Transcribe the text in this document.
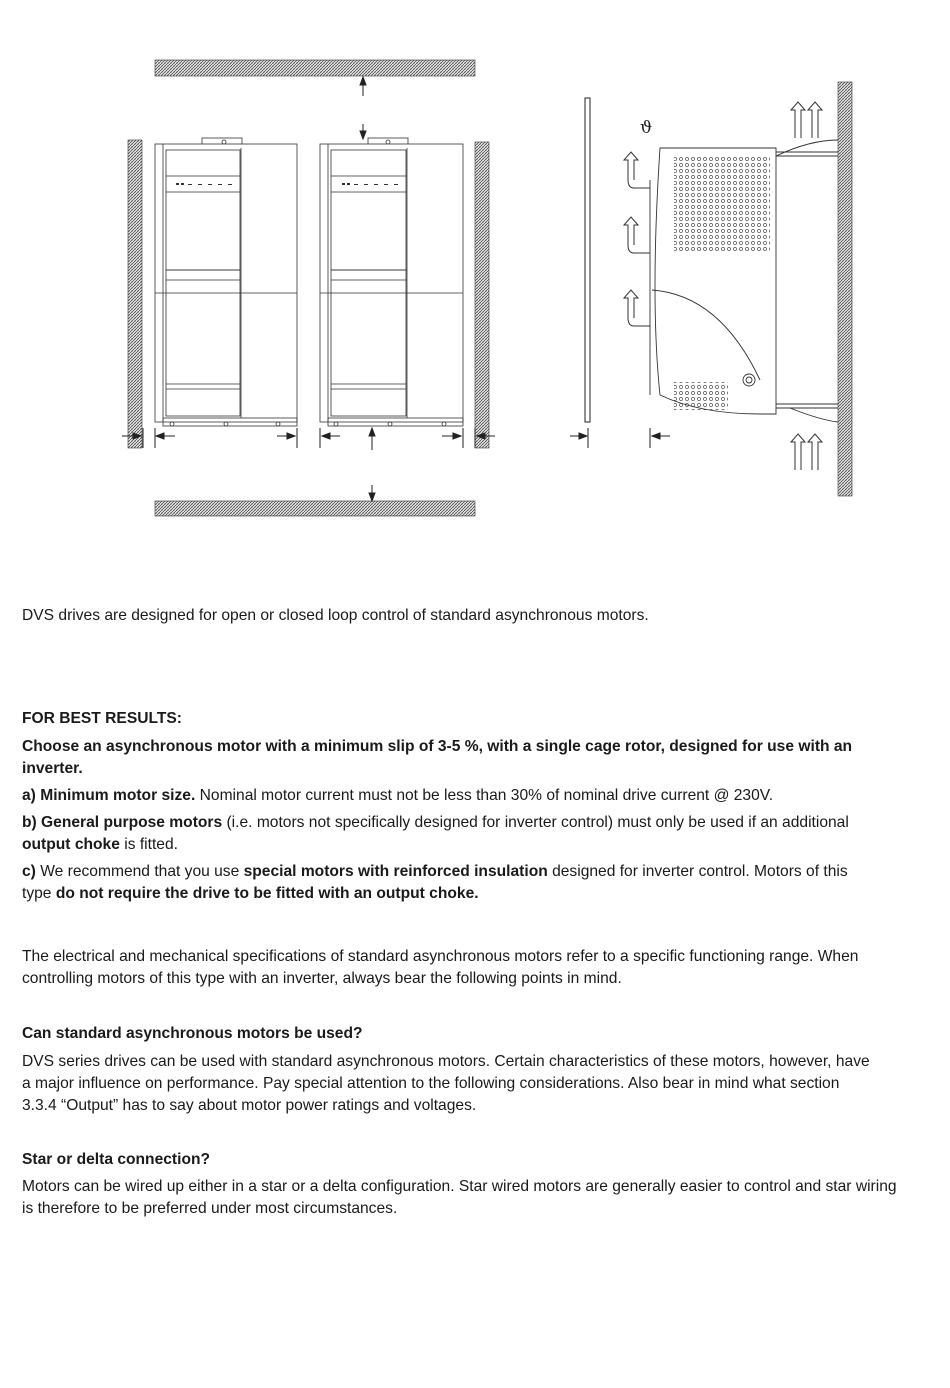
ϑ

DVS drives are designed for open or closed loop control of standard asynchronous motors.

FOR BEST RESULTS:

Choose an asynchronous motor with a minimum slip of 3-5 %, with a single cage rotor, designed for use with an

inverter.

a) Minimum motor size. Nominal motor current must not be less than 30% of nominal drive current @ 230V.

b) General purpose motors (i.e. motors not specifically designed for inverter control) must only be used if an additional

output choke is fitted.

c) We recommend that you use special motors with reinforced insulation designed for inverter control. Motors of this

type do not require the drive to be fitted with an output choke.

The electrical and mechanical specifications of standard asynchronous motors refer to a specific functioning range. When

controlling motors of this type with an inverter, always bear the following points in mind.

Can standard asynchronous motors be used?

DVS series drives can be used with standard asynchronous motors. Certain characteristics of these motors, however, have

a major influence on performance. Pay special attention to the following considerations. Also bear in mind what section

3.3.4 “Output” has to say about motor power ratings and voltages.

Star or delta connection?

Motors can be wired up either in a star or a delta configuration. Star wired motors are generally easier to control and star wiring

is therefore to be preferred under most circumstances.
